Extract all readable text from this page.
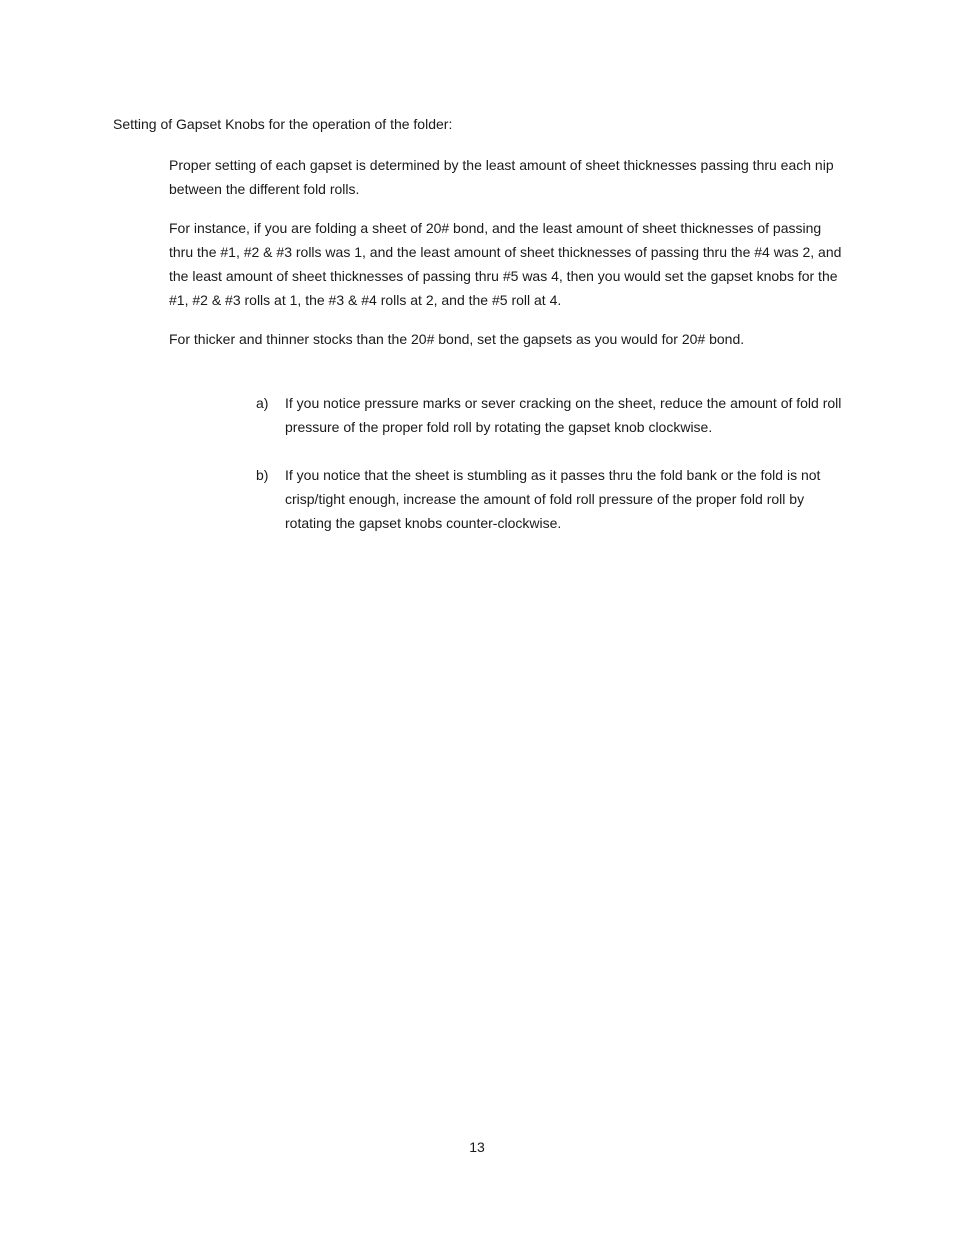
Setting of Gapset Knobs for the operation of the folder:

Proper setting of each gapset is determined by the least amount of sheet thicknesses passing thru each nip between the different fold rolls.

For instance, if you are folding a sheet of 20# bond, and the least amount of sheet thicknesses of passing thru the #1, #2 & #3 rolls was 1, and the least amount of sheet thicknesses of passing thru the #4 was 2, and the least amount of sheet thicknesses of passing thru #5 was 4, then you would set the gapset knobs for the #1, #2 & #3 rolls at 1, the #3 & #4 rolls at 2, and the #5 roll at 4.

For thicker and thinner stocks than the 20# bond, set the gapsets as you would for 20# bond.

a) If you notice pressure marks or sever cracking on the sheet, reduce the amount of fold roll pressure of the proper fold roll by rotating the gapset knob clockwise.
b) If you notice that the sheet is stumbling as it passes thru the fold bank or the fold is not crisp/tight enough, increase the amount of fold roll pressure of the proper fold roll by rotating the gapset knobs counter-clockwise.
13
